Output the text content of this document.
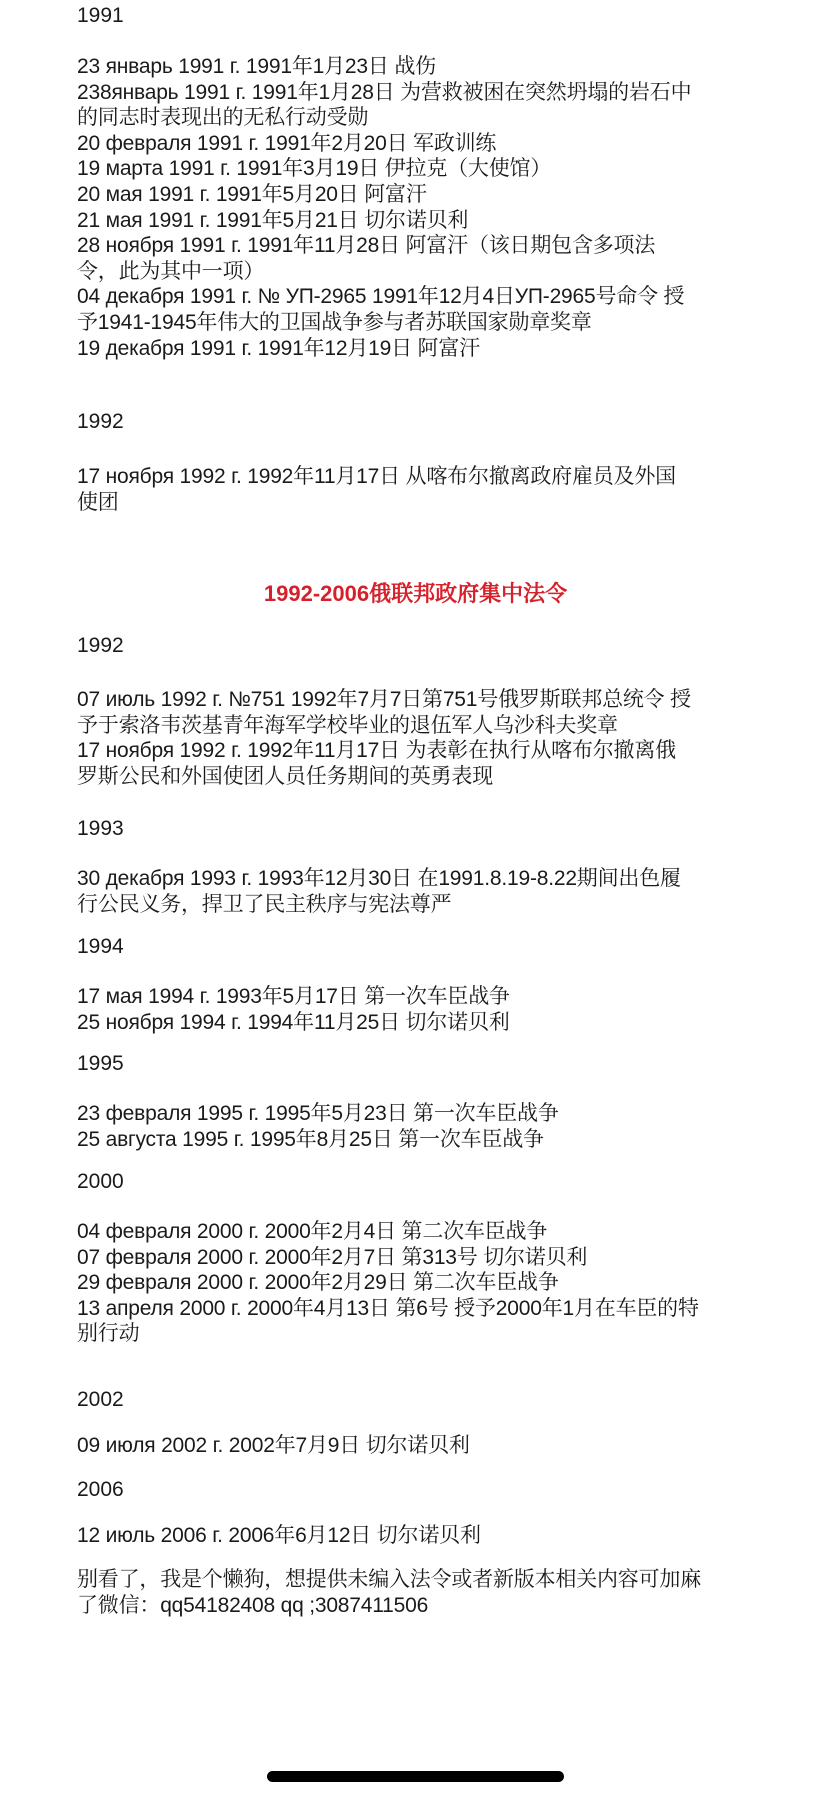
1991
23 январь 1991 г. 1991年1月23日 战伤
238январь 1991 г. 1991年1月28日 为营救被困在突然坍塌的岩石中
的同志时表现出的无私行动受勋
20 февраля 1991 г. 1991年2月20日 军政训练
19 марта 1991 г. 1991年3月19日 伊拉克（大使馆）
20 мая 1991 г. 1991年5月20日 阿富汗
21 мая 1991 г. 1991年5月21日 切尔诺贝利
28 ноября 1991 г. 1991年11月28日 阿富汗（该日期包含多项法
令，此为其中一项）
04 декабря 1991 г. № УП-2965 1991年12月4日УП-2965号命令 授
予1941-1945年伟大的卫国战争参与者苏联国家勋章奖章
19 декабря 1991 г. 1991年12月19日 阿富汗
1992
17 ноября 1992 г. 1992年11月17日 从喀布尔撤离政府雇员及外国
使团
1992-2006俄联邦政府集中法令
1992
07 июль 1992 г. №751 1992年7月7日第751号俄罗斯联邦总统令 授
予于索洛韦茨基青年海军学校毕业的退伍军人乌沙科夫奖章
17 ноября 1992 г. 1992年11月17日 为表彰在执行从喀布尔撤离俄
罗斯公民和外国使团人员任务期间的英勇表现
1993
30 декабря 1993 г. 1993年12月30日 在1991.8.19-8.22期间出色履
行公民义务，捍卫了民主秩序与宪法尊严
1994
17 мая 1994 г. 1993年5月17日 第一次车臣战争
25 ноября 1994 г. 1994年11月25日 切尔诺贝利
1995
23 февраля 1995 г. 1995年5月23日 第一次车臣战争
25 августа 1995 г. 1995年8月25日 第一次车臣战争
2000
04 февраля 2000 г. 2000年2月4日 第二次车臣战争
07 февраля 2000 г. 2000年2月7日 第313号 切尔诺贝利
29 февраля 2000 г. 2000年2月29日 第二次车臣战争
13 апреля 2000 г. 2000年4月13日 第6号 授予2000年1月在车臣的特
别行动
2002
09 июля 2002 г. 2002年7月9日 切尔诺贝利
2006
12 июль 2006 г. 2006年6月12日 切尔诺贝利
别看了，我是个懒狗，想提供未编入法令或者新版本相关内容可加麻
了微信：qq54182408 qq ;3087411506
